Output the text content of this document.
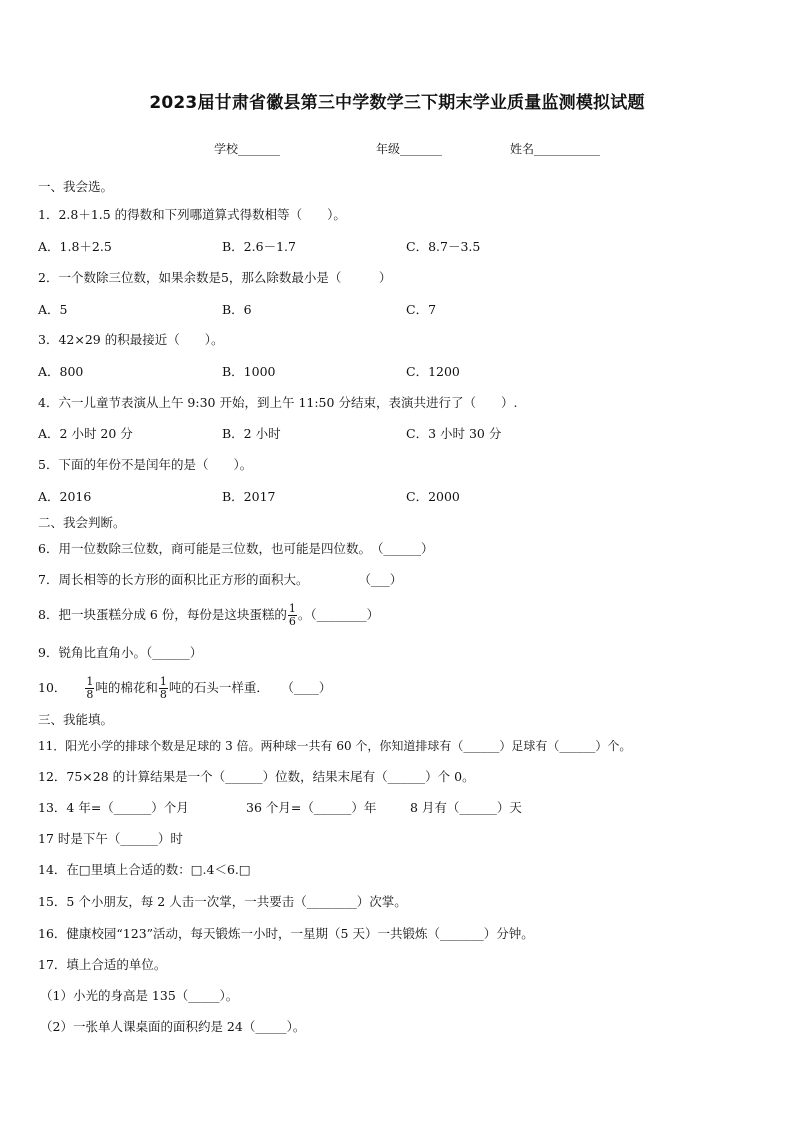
2023届甘肃省徽县第三中学数学三下期末学业质量监测模拟试题
学校_______	年级_______	姓名___________
一、我会选。
1．2.8＋1.5 的得数和下列哪道算式得数相等（　　）。
A．1.8＋2.5	B．2.6－1.7	C．8.7－3.5
2．一个数除三位数，如果余数是5，那么除数最小是（　　　）
A．5	B．6	C．7
3．42×29 的积最接近（　　）。
A．800	B．1000	C．1200
4．六一儿童节表演从上午 9:30 开始，到上午 11:50 分结束，表演共进行了（　　）.
A．2 小时 20 分	B．2 小时	C．3 小时 30 分
5．下面的年份不是闰年的是（　　）。
A．2016	B．2017	C．2000
二、我会判断。
6．用一位数除三位数，商可能是三位数，也可能是四位数。　（______）
7．周长相等的长方形的面积比正方形的面积大。　　　　　（___）
8．把一块蛋糕分成 6 份，每份是这块蛋糕的 $\frac{1}{6}$ 。（________）
9．锐角比直角小。（______）
10． $\frac{1}{8}$ 吨的棉花和 $\frac{1}{8}$ 吨的石头一样重．　　（____）
三、我能填。
11．阳光小学的排球个数是足球的 3 倍。两种球一共有 60 个，你知道排球有（______）足球有（______）个。
12．75×28 的计算结果是一个（______）位数，结果末尾有（______）个 0。
13．4 年=（______）个月	36 个月=（______）年	8 月有（______）天
17 时是下午（______）时
14．在□里填上合适的数：□.4＜6.□
15．5 个小朋友，每 2 人击一次掌，一共要击（________）次掌。
16．健康校园“123”活动，每天锻炼一小时，一星期（5 天）一共锻炼（_______）分钟。
17．填上合适的单位。
（1）小光的身高是 135（_____）。
（2）一张单人课桌面的面积约是 24（_____）。
